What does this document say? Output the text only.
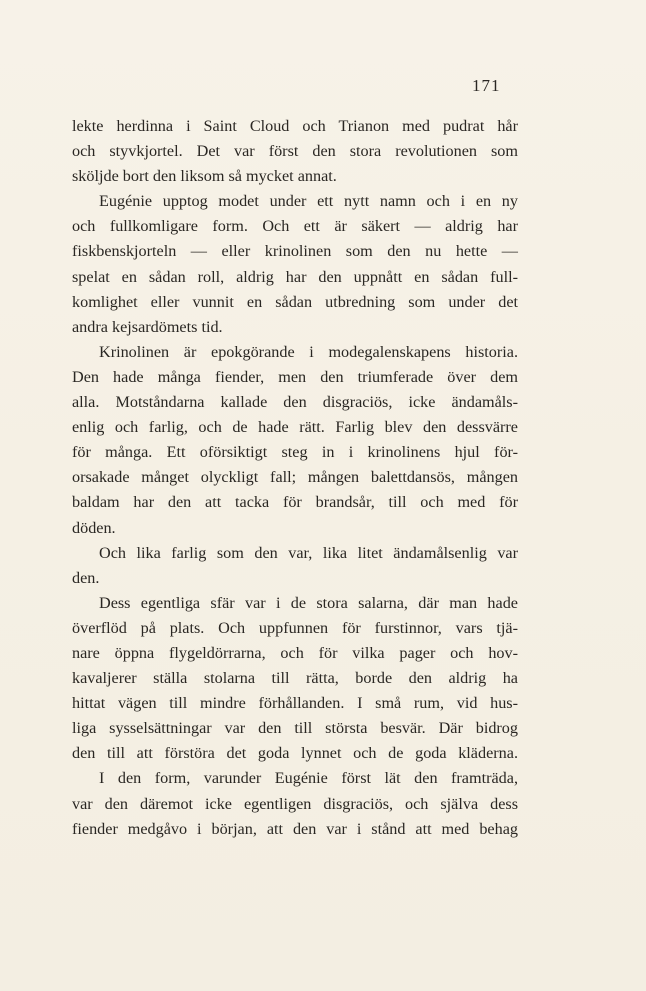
171
lekte herdinna i Saint Cloud och Trianon med pudrat hår
och styvkjortel. Det var först den stora revolutionen som
sköljde bort den liksom så mycket annat.
Eugénie upptog modet under ett nytt namn och i en ny
och fullkomligare form. Och ett är säkert — aldrig har
fiskbenskjorteln — eller krinolinen som den nu hette —
spelat en sådan roll, aldrig har den uppnått en sådan full-
komlighet eller vunnit en sådan utbredning som under det
andra kejsardömets tid.
Krinolinen är epokgörande i modegalenskapens historia.
Den hade många fiender, men den triumferade över dem
alla. Motståndarna kallade den disgraciös, icke ändamåls-
enlig och farlig, och de hade rätt. Farlig blev den dessvärre
för många. Ett oförsiktigt steg in i krinolinens hjul för-
orsakade månget olyckligt fall; mången balettdansös, mången
baldam har den att tacka för brandsår, till och med för
döden.
Och lika farlig som den var, lika litet ändamålsenlig var
den.
Dess egentliga sfär var i de stora salarna, där man hade
överflöd på plats. Och uppfunnen för furstinnor, vars tjä-
nare öppna flygeldörrarna, och för vilka pager och hov-
kavaljerer ställa stolarna till rätta, borde den aldrig ha
hittat vägen till mindre förhållanden. I små rum, vid hus-
liga sysselsättningar var den till största besvär. Där bidrog
den till att förstöra det goda lynnet och de goda kläderna.
I den form, varunder Eugénie först lät den framträda,
var den däremot icke egentligen disgraciös, och själva dess
fiender medgåvo i början, att den var i stånd att med behag
